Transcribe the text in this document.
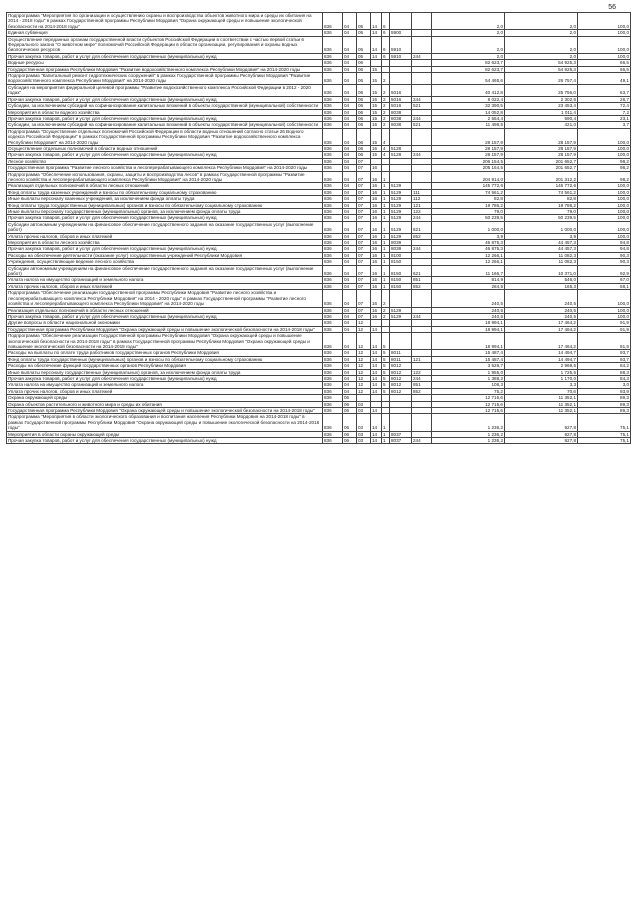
56
Подпрограмма "Мероприятия по организации и осуществлению охраны и воспроизводства объектов животного мира и среды их обитания на 2014 - 2018 годы" в рамках Государственной программы Республики Мордовия "Охрана окружающей среды и повышение экологической безопасности на 2014-2018 годы"	836	04	05	14	6			2,0	2,0	100,0
Единая субвенция	836	04	05	14	6	5900		2,0	2,0	100,0
Осуществление переданных органам государственной власти субъектов Российской Федерации в соответствии с частью первой статьи 6 Федерального закона "О животном мире" полномочий Российской Федерации в области организации, регулирования и охраны водных биологических ресурсов	836	04	05	14	6	5910		2,0	2,0	100,0
Прочая закупка товаров, работ и услуг для обеспечения государственных (муниципальных) нужд	836	04	05	14	6	5910	244	2,0	2,0	100,0
Водные ресурсы	836	04	06					82 623,7	54 925,3	66,5
Государственная программа Республики Мордовия "Развитие водохозяйственного комплекса Республики Мордовия" на 2014-2020 годы	836	04	06	15				82 623,7	54 925,3	66,5
Подпрограмма "Капитальный ремонт гидротехнических сооружений" в рамках Государственной программы Республики Мордовия "Развитие водохозяйственного комплекса Республики Мордовия" на 2014-2020 годы	836	04	06	15	2			54 465,6	26 757,4	49,1
Субсидия на мероприятия федеральной целевой программы "Развитие водохозяйственного комплекса Российской Федерации в 2012 - 2020 годах"	836	04	06	15	2	5016		40 412,8	25 756,0	63,7
Прочая закупка товаров, работ и услуг для обеспечения государственных (муниципальных) нужд	836	04	06	15	2	5016	244	8 022,4	2 302,6	28,7
Субсидии, за исключением субсидий на софинансирование капитальных вложений в объекты государственной (муниципальной) собственности	836	04	06	15	2	5016	521	32 390,5	23 453,4	72,4
Мероприятия в области водного хозяйства	836	04	06	15	2	8038		14 052,8	1 011,4	7,2
Прочая закупка товаров, работ и услуг для обеспечения государственных (муниципальных) нужд	836	04	06	15	2	8038	244	2 554,4	590,4	23,1
Субсидии, за исключением субсидий на софинансирование капитальных вложений в объекты государственной (муниципальной) собственности	836	04	06	15	2	8038	521	11 498,5	421,0	3,7
Подпрограмма "Осуществление отдельных полномочий Российской Федерации в области водных отношений согласно статьи 26 Водного кодекса Российской Федерации" в рамках Государственной программы Республики Мордовия "Развитие водохозяйственного комплекса Республики Мордовия" на 2014-2020 годы	836	04	06	15	4			28 157,9	28 157,9	100,0
Осуществление отдельных полномочий в области водных отношений	836	04	06	15	4	5128		28 157,9	28 157,9	100,0
Прочая закупка товаров, работ и услуг для обеспечения государственных (муниципальных) нужд	836	04	06	15	4	5128	244	28 157,9	28 157,9	100,0
Лесное хозяйство	836	04	07					206 154,5	201 652,7	98,2
Государственная программа "Развитие лесного хозяйства и лесоперерабатывающего комплекса Республики Мордовия" на 2014-2020 годы	836	04	07	16				205 154,5	201 652,7	98,2
Подпрограмма "Обеспечение использования, охраны, защиты и воспроизводства лесов" в рамках Государственной программы "Развитие лесного хозяйства и лесоперерабатывающего комплекса Республики Мордовия" на 2014-2020 годы	836	04	07	16	1			204 914,0	201 312,2	98,2
Реализация отдельных полномочий в области лесных отношений	836	04	07	16	1	5129		145 772,6	145 772,6	100,0
Фонд оплаты труда казенных учреждений и взносы по обязательному социальному страхованию	836	04	07	16	1	5129	111	74 561,2	74 561,2	100,0
Иные выплаты персоналу казенных учреждений, за исключением фонда оплаты труда	836	04	07	16	1	5129	112	82,8	82,8	100,0
Фонд оплаты труда государственных (муниципальных) органов и взносы по обязательному социальному страхованию	836	04	07	16	1	5129	121	19 786,2	19 786,2	100,0
Иные выплаты персоналу государственных (муниципальных) органов, за исключением фонда оплаты труда	836	04	07	16	1	5129	122	79,0	79,0	100,0
Прочая закупка товаров, работ и услуг для обеспечения государственных (муниципальных) нужд	836	04	07	16	1	5129	244	50 239,5	50 239,5	100,0
Субсидии автономным учреждениям на финансовое обеспечение государственного задания на оказание государственных услуг (выполнение работ)	836	04	07	16	1	5129	621	1 000,0	1 000,0	100,0
Уплата прочих налогов, сборов и иных платежей	836	04	07	16	1	5129	852	3,9	3,9	100,0
Мероприятия в области лесного хозяйства	836	04	07	16	1	8039		46 875,3	44 457,3	94,8
Прочая закупка товаров, работ и услуг для обеспечения государственных (муниципальных) нужд	836	04	07	16	1	8039	244	46 875,3	44 457,3	94,8
Расходы на обеспечение деятельности (оказание услуг) государственных учреждений Республики Мордовия	836	04	07	16	1	8100		12 266,1	11 082,3	90,3
Учреждения, осуществляющие ведение лесного хозяйства	836	04	07	16	1	8150		12 266,1	11 082,3	90,3
Субсидии автономным учреждениям на финансовое обеспечение государственного задания на оказание государственных услуг (выполнение работ)	836	04	07	16	1	8150	621	11 166,7	10 371,0	92,9
Уплата налога на имущество организаций и земельного налога	836	04	07	16	1	8150	851	814,9	546,0	67,0
Уплата прочих налогов, сборов и иных платежей	836	04	07	16	1	8150	852	284,5	165,3	58,1
Подпрограмма "Обеспечение реализации государственной программы Республики Мордовия "Развитие лесного хозяйства и лесоперерабатывающего комплекса Республики Мордовия" на 2014 - 2020 годы" в рамках Государственной программы "Развитие лесного хозяйства и лесоперерабатывающего комплекса Республики Мордовия" на 2014-2020 годы	836	04	07	16	2			240,5	240,5	100,0
Реализация отдельных полномочий в области лесных отношений	836	04	07	16	2	5129		240,5	240,5	100,0
Прочая закупка товаров, работ и услуг для обеспечения государственных (муниципальных) нужд	836	04	07	16	2	5129	244	240,5	240,5	100,0
Другие вопросы в области национальной экономики	836	04	12					18 994,1	17 464,2	91,9
Государственная программа Республики Мордовия "Охрана окружающей среды и повышение экологической безопасности на 2014-2018 годы"	836	04	12	14				18 994,1	17 464,2	91,9
Подпрограмма "Обеспечение реализации Государственной программы Республики Мордовия "Охрана окружающей среды и повышение экологической безопасности на 2014-2018 годы" в рамках Государственной программы Республики Мордовия "Охрана окружающей среды и повышение экологической безопасности на 2014-2018 годы"	836	04	12	14	5			18 994,1	17 464,2	91,9
Расходы на выплаты по оплате труда работников государственных органов Республики Мордовия	836	04	12	14	5	8011		15 487,4	14 494,7	93,7
Фонд оплаты труда государственных (муниципальных) органов и взносы по обязательному социальному страхованию	836	04	12	14	5	8011	121	15 487,4	14 494,7	93,7
Расходы на обеспечение функций государственных органов Республики Мордовия	836	04	12	14	5	8012		3 526,7	2 969,5	84,2
Иные выплаты персоналу государственных (муниципальных) органов, за исключением фонда оплаты труда	836	04	12	14	5	8012	122	1 955,0	1 725,5	88,3
Прочая закупка товаров, работ и услуг для обеспечения государственных (муниципальных) нужд	836	04	12	14	5	8012	244	1 388,2	1 170,0	84,3
Уплата налога на имущество организаций и земельного налога	836	04	12	14	5	8012	851	108,3	3,3	3,0
Уплата прочих налогов, сборов и иных платежей	836	04	12	14	5	8012	852	75,2	70,6	93,9
Охрана окружающей среды	836	06						12 715,6	11 352,1	89,3
Охрана объектов растительного и животного мира и среды их обитания	836	06	03					12 715,6	11 352,1	89,3
Государственная программа Республики Мордовия "Охрана окружающей среды и повышение экологической безопасности на 2014-2018 годы"	836	06	03	14				12 715,6	11 352,1	89,3
Подпрограмма "Мероприятия в области экологического образования и воспитания населения Республики Мордовия на 2014-2018 годы" в рамках Государственной программы Республики Мордовия "Охрана окружающей среды и повышение экологической безопасности на 2014-2018 годы"	836	06	03	14	1			1 236,2	927,8	75,1
Мероприятия в области охраны окружающей среды	836	06	03	14	1	8037		1 236,2	927,8	75,1
Прочая закупка товаров, работ и услуг для обеспечения государственных (муниципальных) нужд	836	06	03	14	1	8037	244	1 236,2	927,8	75,1
